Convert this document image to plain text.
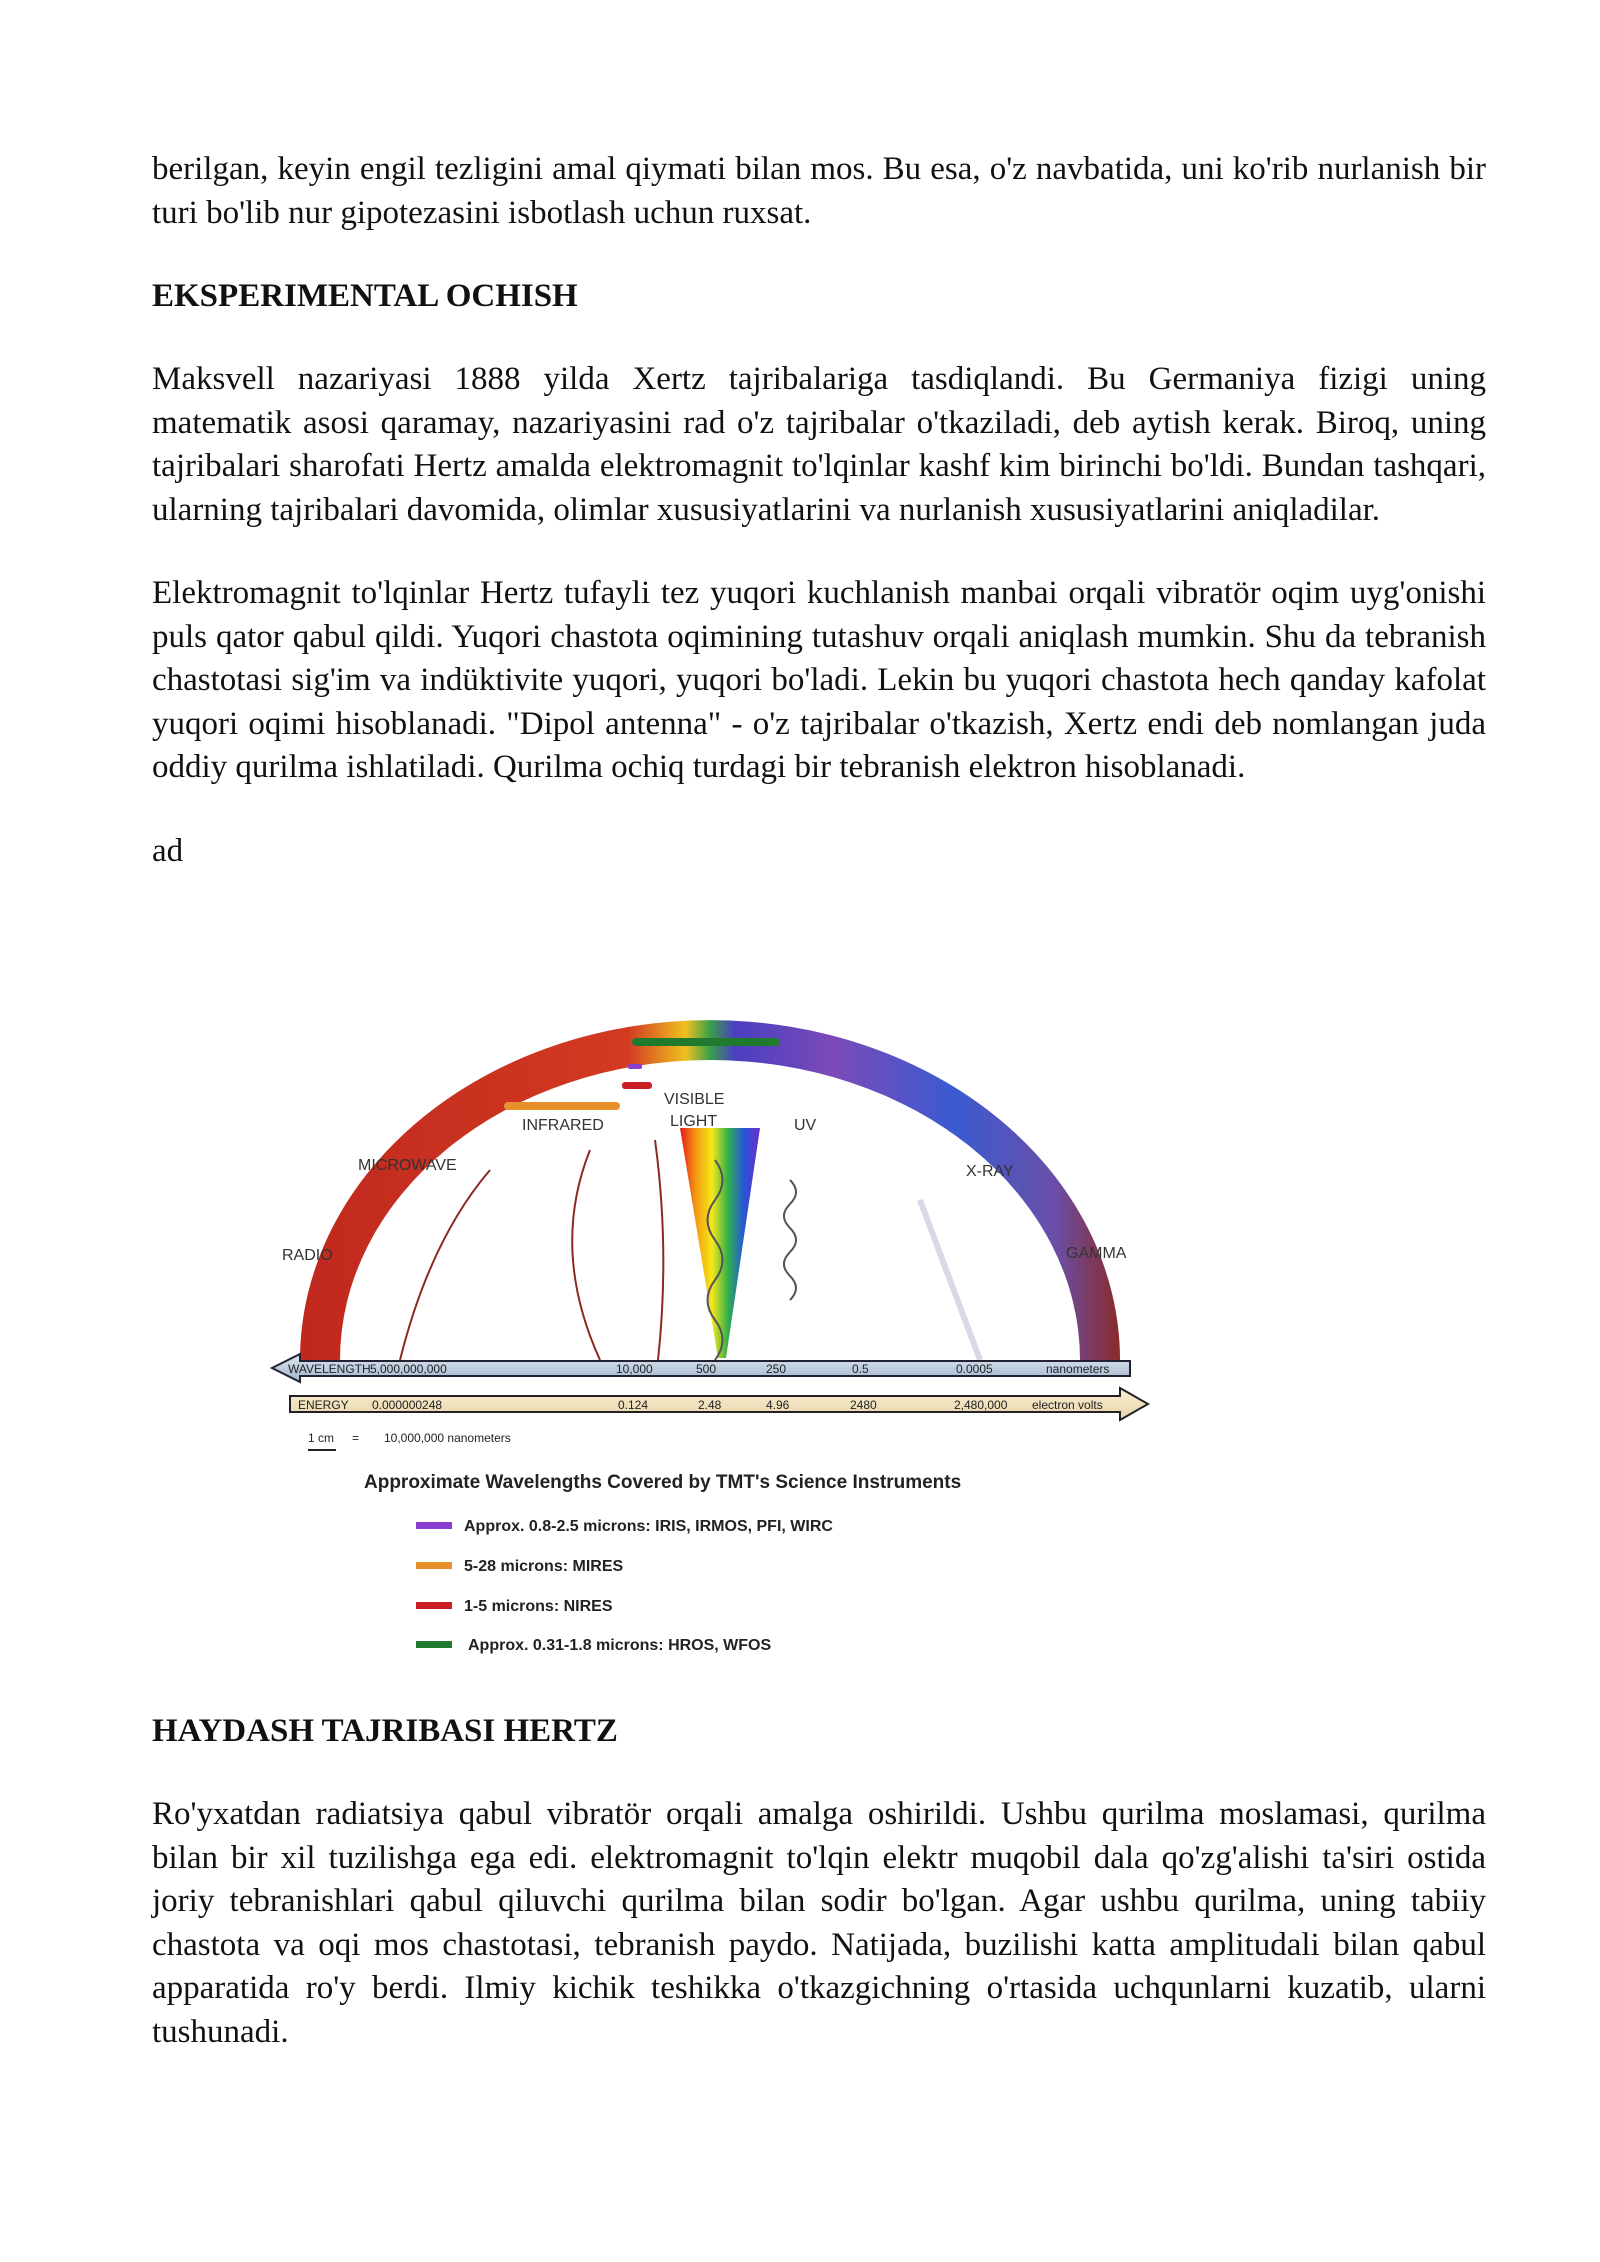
berilgan, keyin engil tezligini amal qiymati bilan mos. Bu esa, o'z navbatida, uni ko'rib nurlanish bir turi bo'lib nur gipotezasini isbotlash uchun ruxsat.

EKSPERIMENTAL OCHISH

Maksvell nazariyasi 1888 yilda Xertz tajribalariga tasdiqlandi. Bu Germaniya fizigi uning matematik asosi qaramay, nazariyasini rad o'z tajribalar o'tkaziladi, deb aytish kerak. Biroq, uning tajribalari sharofati Hertz amalda elektromagnit to'lqinlar kashf kim birinchi bo'ldi. Bundan tashqari, ularning tajribalari davomida, olimlar xususiyatlarini va nurlanish xususiyatlarini aniqladilar.

Elektromagnit to'lqinlar Hertz tufayli tez yuqori kuchlanish manbai orqali vibratör oqim uyg'onishi puls qator qabul qildi. Yuqori chastota oqimining tutashuv orqali aniqlash mumkin. Shu da tebranish chastotasi sig'im va indüktivite yuqori, yuqori bo'ladi. Lekin bu yuqori chastota hech qanday kafolat yuqori oqimi hisoblanadi. "Dipol antenna" - o'z tajribalar o'tkazish, Xertz endi deb nomlangan juda oddiy qurilma ishlatiladi. Qurilma ochiq turdagi bir tebranish elektron hisoblanadi.

ad

RADIO
MICROWAVE
INFRARED
VISIBLE
LIGHT	UV
X-RAY
GAMMA
WAVELENGTH 5,000,000,000	10,000	500	250	0.5	0.0005	nanometers
ENERGY 0.000000248	0.124	2.48	4.96	2480	2,480,000 electron volts
1 cm = 10,000,000 nanometers
Approximate Wavelengths Covered by TMT's Science Instruments
Approx. 0.8-2.5 microns: IRIS, IRMOS, PFI, WIRC
5-28 microns: MIRES
1-5 microns: NIRES
Approx. 0.31-1.8 microns: HROS, WFOS
HAYDASH TAJRIBASI HERTZ

Ro'yxatdan radiatsiya qabul vibratör orqali amalga oshirildi. Ushbu qurilma moslamasi, qurilma bilan bir xil tuzilishga ega edi. elektromagnit to'lqin elektr muqobil dala qo'zg'alishi ta'siri ostida joriy tebranishlari qabul qiluvchi qurilma bilan sodir bo'lgan. Agar ushbu qurilma, uning tabiiy chastota va oqi mos chastotasi, tebranish paydo. Natijada, buzilishi katta amplitudali bilan qabul apparatida ro'y berdi. Ilmiy kichik teshikka o'tkazgichning o'rtasida uchqunlarni kuzatib, ularni tushunadi.
